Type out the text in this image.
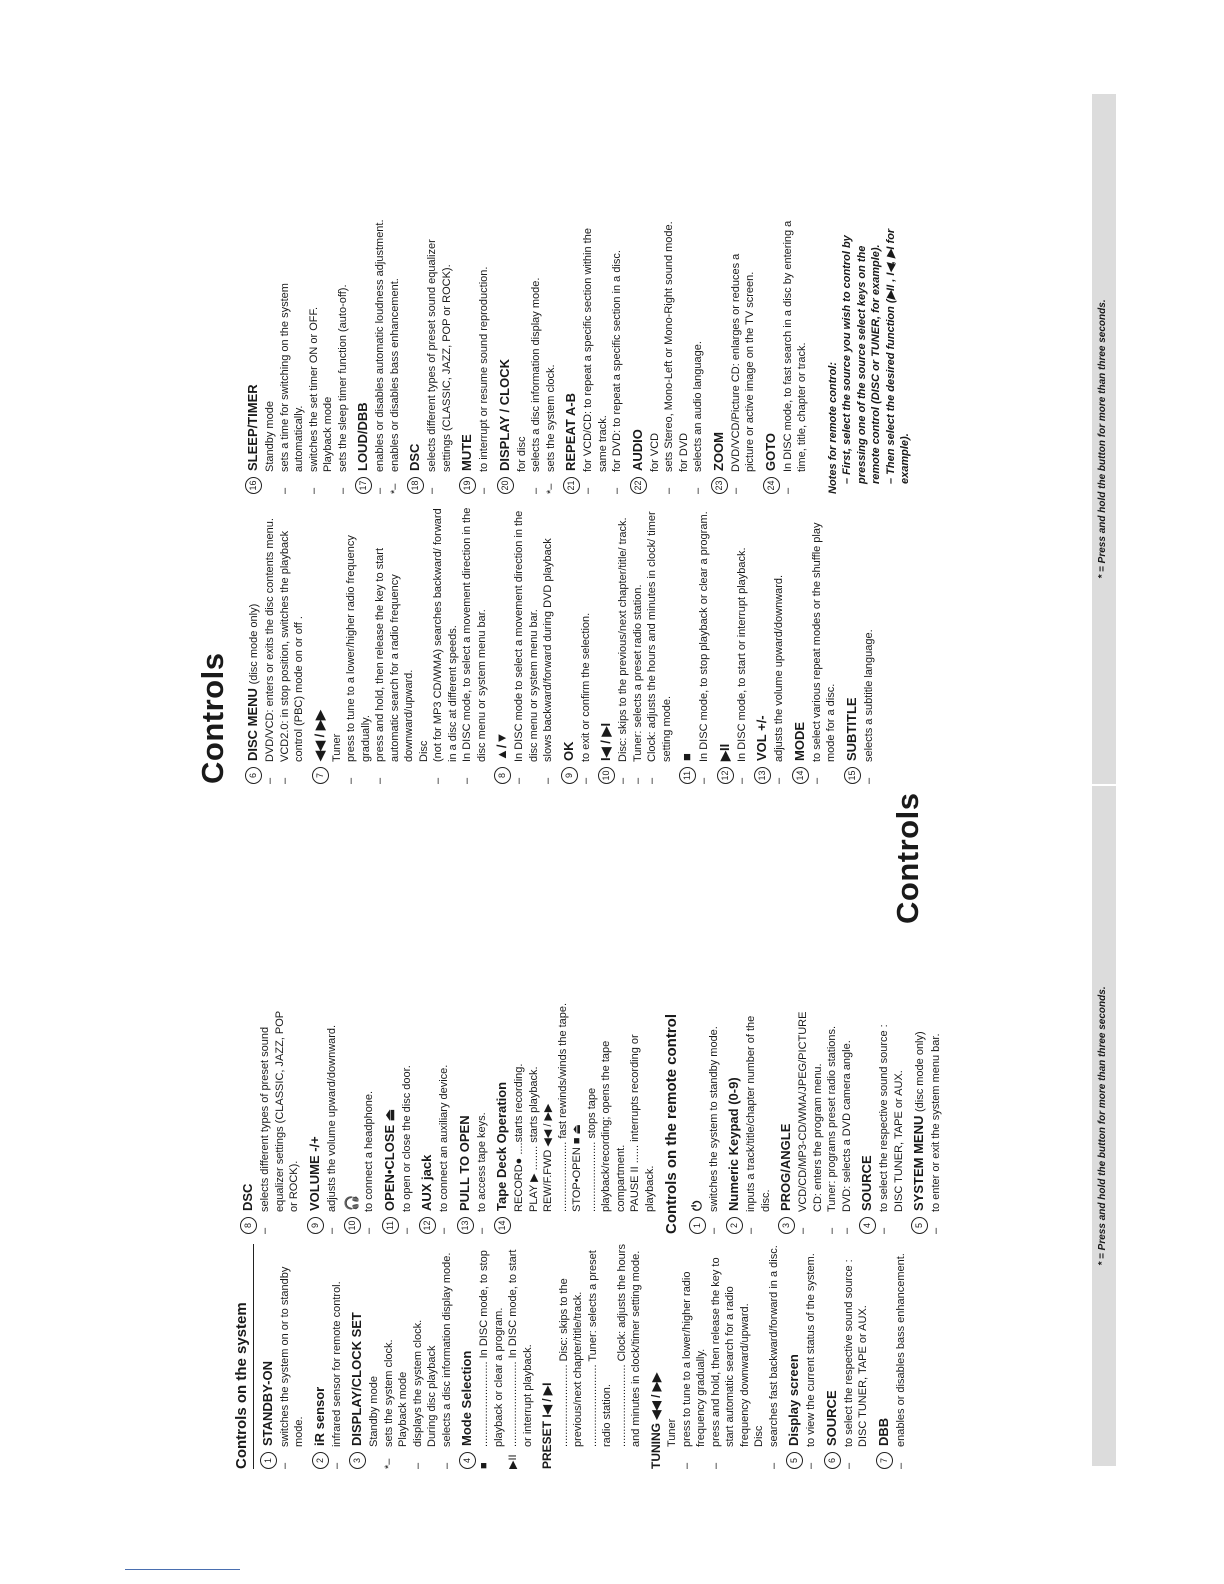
Controls
* = Press and hold the button for more than three seconds.
Controls on the system	1
STANDBY-ON
–
switches the system on or to standby mode.
2
iR sensor
–
infrared sensor for remote control.
3
DISPLAY/CLOCK SET Standby mode
*–
sets the system clock. Playback mode
–
displays the system clock. During disc playback
–
selects a disc information display mode.
4
Mode Selection
■
............................ In DISC mode, to stop playback or clear a program.
▶II
............................ In DISC mode, to start or interrupt playback. PRESET I◀ / ▶I ........................... Disc: skips to the previous/next chapter/title/track. ........................... Tuner: selects a preset radio station. ........................... Clock: adjusts the hours and minutes in clock/timer setting mode. TUNING ◀◀ / ▶▶ Tuner
–
press to tune to a lower/higher radio frequency gradually.
–
press and hold, then release the key to start automatic search for a radio frequency downward/upward. Disc
–
searches fast backward/forward in a disc.
5
Display screen
–
to view the current status of the system.
6
SOURCE
–
to select the respective sound source : DISC TUNER, TAPE or AUX.
7
DBB
–
enables or disables bass enhancement.
8
DSC
–
selects different types of preset sound equalizer settings (CLASSIC, JAZZ, POP or ROCK).
9
VOLUME -/+
–
adjusts the volume upward/downward.
10
🎧
–
to connect a headphone.
11
OPEN•CLOSE ⏏
–
to open or close the disc door.
12
AUX jack
–
to connect an auxiliary device.
13
PULL TO OPEN
–
to access tape keys.
14
Tape Deck Operation RECORD● ....starts recording. PLAY ▶ ........ starts playback. REW/F.FWD ◀◀ / ▶▶ ....................... fast rewinds/winds the tape. STOP•OPEN ■ ⏏ ....................... stops tape playback/recording; opens the tape compartment. PAUSE II ...... interrupts recording or playback. Controls on the remote control	1
⏻
–
switches the system to standby mode.
2
Numeric Keypad (0-9)
–
inputs a track/title/chapter number of the disc.
3
PROG/ANGLE
–
VCD/CD/MP3-CD/WMA/JPEG/PICTURE CD: enters the program menu.
–
Tuner: programs preset radio stations.
–
DVD: selects a DVD camera angle.
4
SOURCE
–
to select the respective sound source : DISC TUNER, TAPE or AUX.
5
SYSTEM MENU (disc mode only)
–
to enter or exit the system menu bar.
Controls
* = Press and hold the button for more than three seconds.
6
DISC MENU (disc mode only)
–
DVD/VCD: enters or exits the disc contents menu.
–
VCD2.0: in stop position, switches the playback control (PBC) mode on or off .
7
◀◀ / ▶▶ Tuner
–
press to tune to a lower/higher radio frequency gradually.
–
press and hold, then release the key to start automatic search for a radio frequency downward/upward. Disc
–
(not for MP3 CD/WMA) searches backward/ forward in a disc at different speeds.
–
In DISC mode, to select a movement direction in the disc menu or system menu bar.
8
▲/▼
–
In DISC mode to select a movement direction in the disc menu or system menu bar.
–
slows backward/forward during DVD playback
9
OK
–
to exit or confirm the selection.
10
I◀ / ▶I
–
Disc: skips to the previous/next chapter/title/ track.
–
Tuner: selects a preset radio station.
–
Clock: adjusts the hours and minutes in clock/ timer setting mode.
11
■
–
In DISC mode, to stop playback or clear a program.
12
▶II
–
In DISC mode, to start or interrupt playback.
13
VOL +/-
–
adjusts the volume upward/downward.
14
MODE
–
to select various repeat modes or the shuffle play mode for a disc.
15
SUBTITLE
–
selects a subtitle language.
16
SLEEP/TIMER Standby mode
–
sets a time for switching on the system automatically.
–
switches the set timer ON or OFF. Playback mode
–
sets the sleep timer function (auto-off).
17
LOUD/DBB
–
enables or disables automatic loudness adjustment.
*–
enables or disables bass enhancement.
18
DSC
–
selects different types of preset sound equalizer settings (CLASSIC, JAZZ, POP or ROCK).
19
MUTE
–
to interrupt or resume sound reproduction.
20
DISPLAY / CLOCK for disc
–
selects a disc information display mode.
*–
sets the system clock.
21
REPEAT A-B
–
for VCD/CD: to repeat a specific section within the same track.
–
for DVD: to repeat a specific section in a disc.
22
AUDIO for VCD
–
sets Stereo, Mono-Left or Mono-Right sound mode. for DVD
–
selects an audio language.
23
ZOOM
–
DVD/VCD/Picture CD: enlarges or reduces a picture or active image on the TV screen.
24
GOTO
–
In DISC mode, to fast search in a disc by entering a time, title, chapter or track. Notes for remote control: – First, select the source you wish to control by pressing one of the source select keys on the remote control (DISC or TUNER, for example). – Then select the desired function (▶II , I◀, ▶I for example).
